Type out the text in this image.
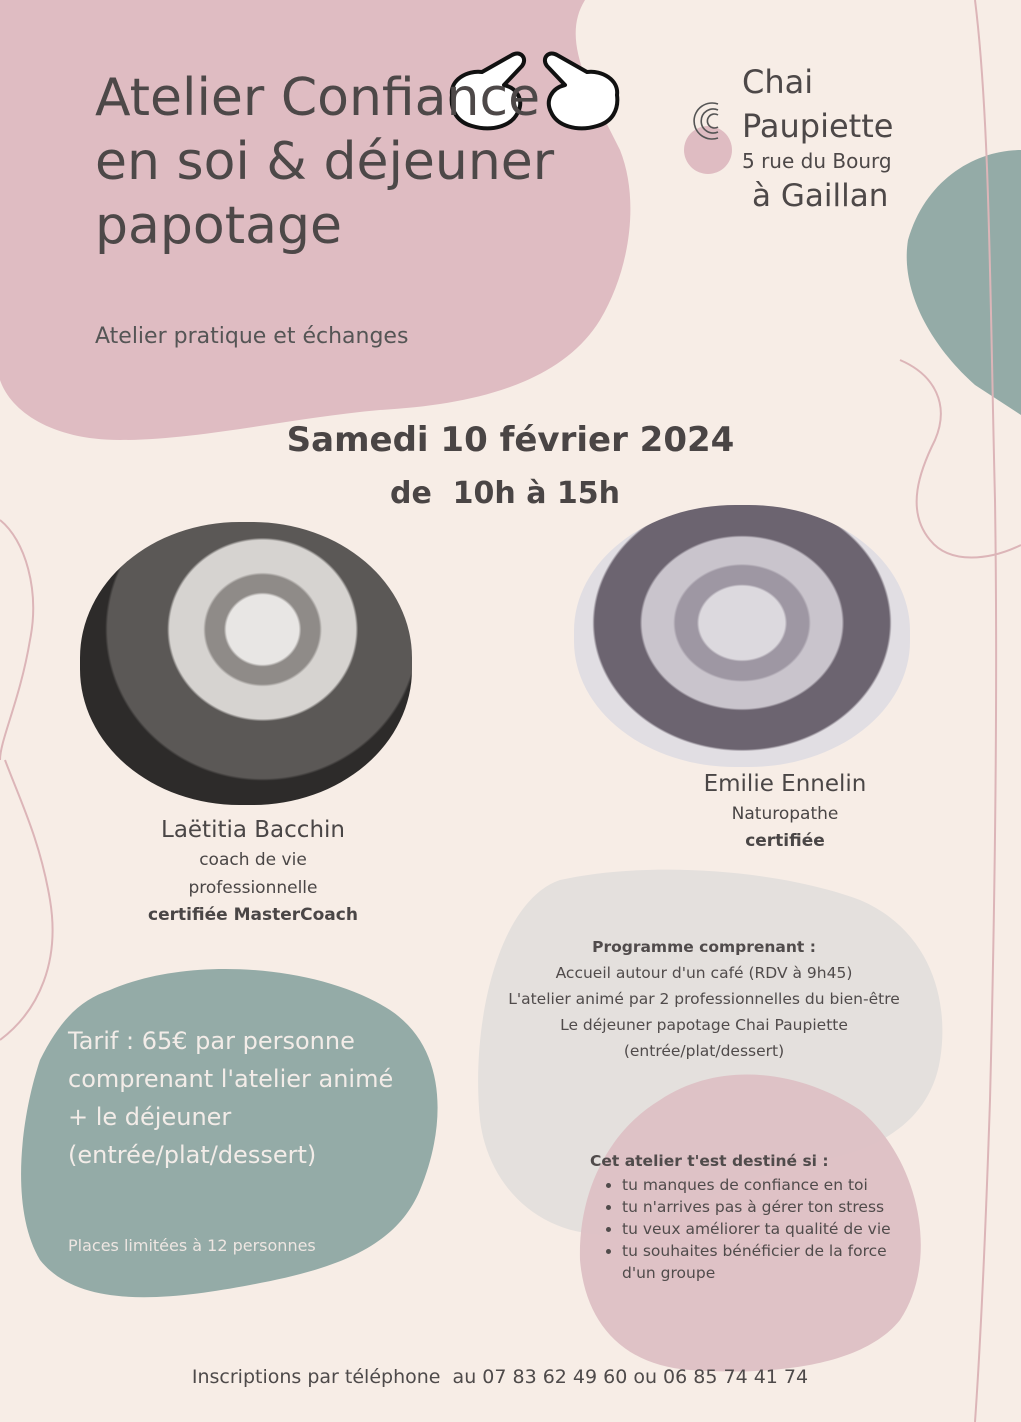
Atelier Confiance en soi & déjeuner papotage
Atelier pratique et échanges
Chai
Paupiette
5 rue du Bourg
à Gaillan
Samedi 10 février 2024
de  10h à 15h
Laëtitia Bacchin
coach de vie
professionnelle
certifiée MasterCoach
Emilie Ennelin
Naturopathe
certifiée
Tarif : 65€ par personne comprenant l'atelier animé + le déjeuner (entrée/plat/dessert)
Places limitées à 12 personnes
Programme comprenant :
Accueil autour d'un café (RDV à 9h45)
L'atelier animé par 2 professionnelles du bien-être
Le déjeuner papotage Chai Paupiette
(entrée/plat/dessert)
Cet atelier t'est destiné si :
• tu manques de confiance en toi
• tu n'arrives pas à gérer ton stress
• tu veux améliorer ta qualité de vie
• tu souhaites bénéficier de la force d'un groupe
Inscriptions par téléphone  au 07 83 62 49 60 ou 06 85 74 41 74
